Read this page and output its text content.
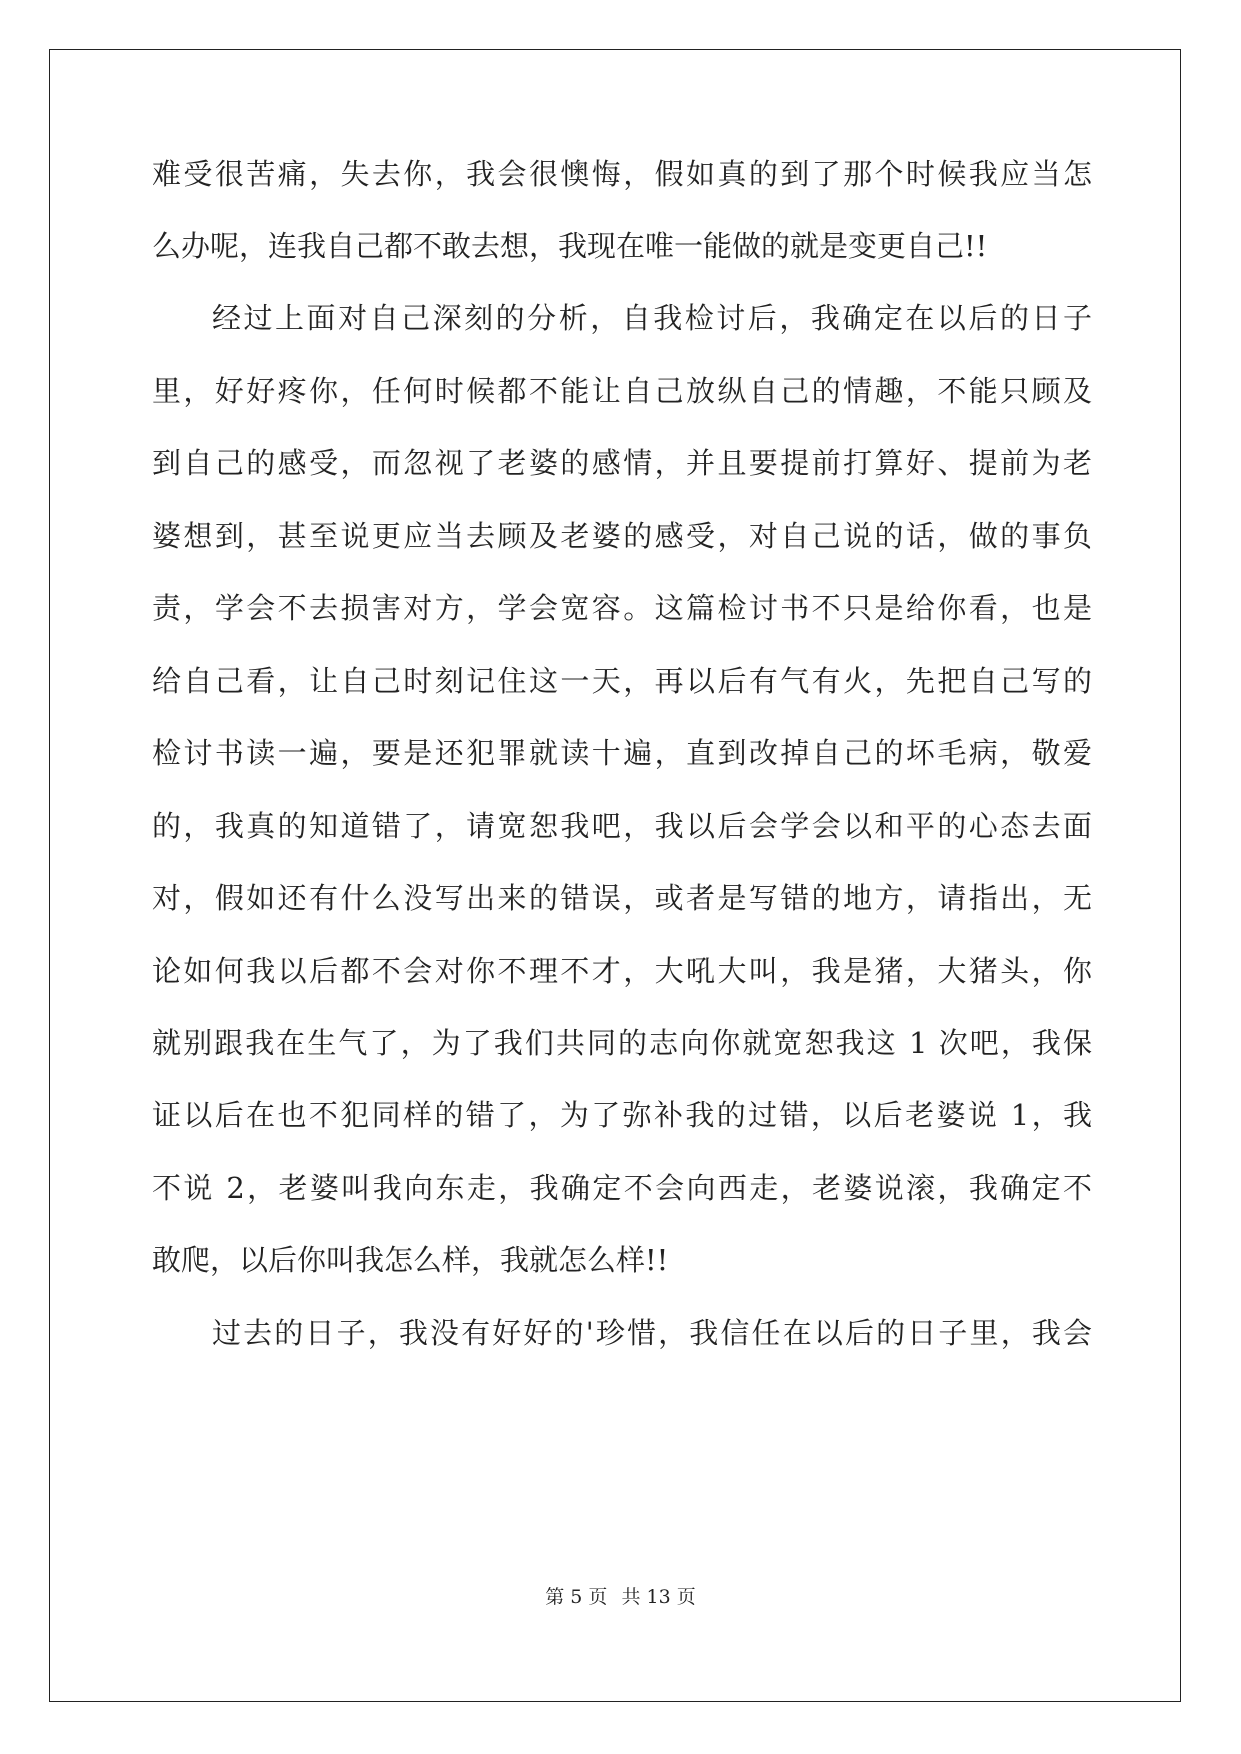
难受很苦痛，失去你，我会很懊悔，假如真的到了那个时候我应当怎
么办呢，连我自己都不敢去想，我现在唯一能做的就是变更自己!!
经过上面对自己深刻的分析，自我检讨后，我确定在以后的日子
里，好好疼你，任何时候都不能让自己放纵自己的情趣，不能只顾及
到自己的感受，而忽视了老婆的感情，并且要提前打算好、提前为老
婆想到，甚至说更应当去顾及老婆的感受，对自己说的话，做的事负
责，学会不去损害对方，学会宽容。这篇检讨书不只是给你看，也是
给自己看，让自己时刻记住这一天，再以后有气有火，先把自己写的
检讨书读一遍，要是还犯罪就读十遍，直到改掉自己的坏毛病，敬爱
的，我真的知道错了，请宽恕我吧，我以后会学会以和平的心态去面
对，假如还有什么没写出来的错误，或者是写错的地方，请指出，无
论如何我以后都不会对你不理不才，大吼大叫，我是猪，大猪头，你
就别跟我在生气了，为了我们共同的志向你就宽恕我这 1 次吧，我保
证以后在也不犯同样的错了，为了弥补我的过错，以后老婆说 1，我
不说 2，老婆叫我向东走，我确定不会向西走，老婆说滚，我确定不
敢爬，以后你叫我怎么样，我就怎么样!!
过去的日子，我没有好好的'珍惜，我信任在以后的日子里，我会
第 5 页 共 13 页
